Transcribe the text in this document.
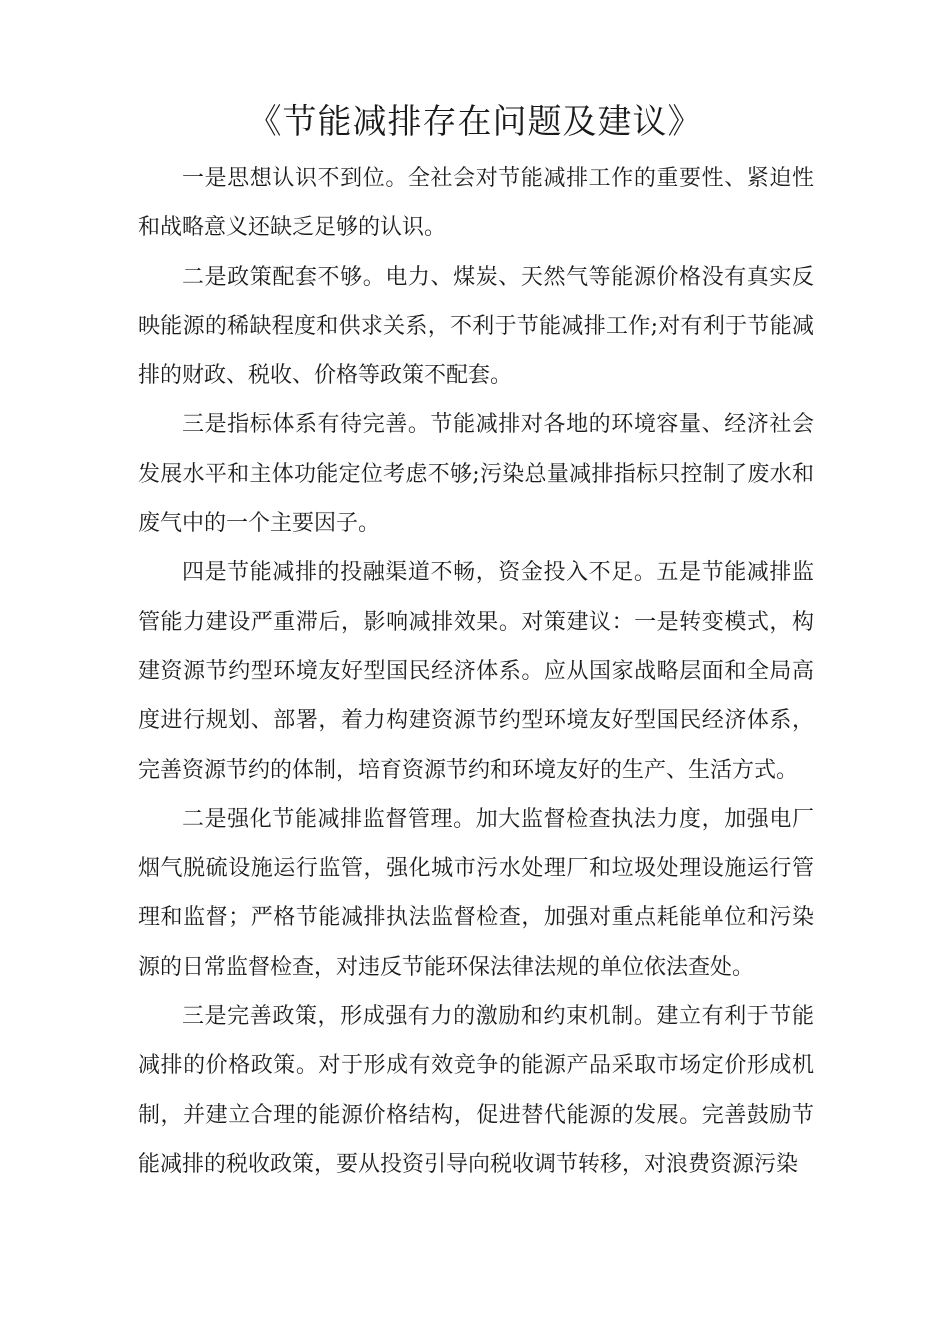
《节能减排存在问题及建议》

一是思想认识不到位。全社会对节能减排工作的重要性、紧迫性和战略意义还缺乏足够的认识。

二是政策配套不够。电力、煤炭、天然气等能源价格没有真实反映能源的稀缺程度和供求关系，不利于节能减排工作;对有利于节能减排的财政、税收、价格等政策不配套。

三是指标体系有待完善。节能减排对各地的环境容量、经济社会发展水平和主体功能定位考虑不够;污染总量减排指标只控制了废水和废气中的一个主要因子。

四是节能减排的投融渠道不畅，资金投入不足。五是节能减排监管能力建设严重滞后，影响减排效果。对策建议：一是转变模式，构建资源节约型环境友好型国民经济体系。应从国家战略层面和全局高度进行规划、部署，着力构建资源节约型环境友好型国民经济体系，完善资源节约的体制，培育资源节约和环境友好的生产、生活方式。

二是强化节能减排监督管理。加大监督检查执法力度，加强电厂烟气脱硫设施运行监管，强化城市污水处理厂和垃圾处理设施运行管理和监督；严格节能减排执法监督检查，加强对重点耗能单位和污染源的日常监督检查，对违反节能环保法律法规的单位依法查处。

三是完善政策，形成强有力的激励和约束机制。建立有利于节能减排的价格政策。对于形成有效竞争的能源产品采取市场定价形成机制，并建立合理的能源价格结构，促进替代能源的发展。完善鼓励节能减排的税收政策，要从投资引导向税收调节转移，对浪费资源污染
